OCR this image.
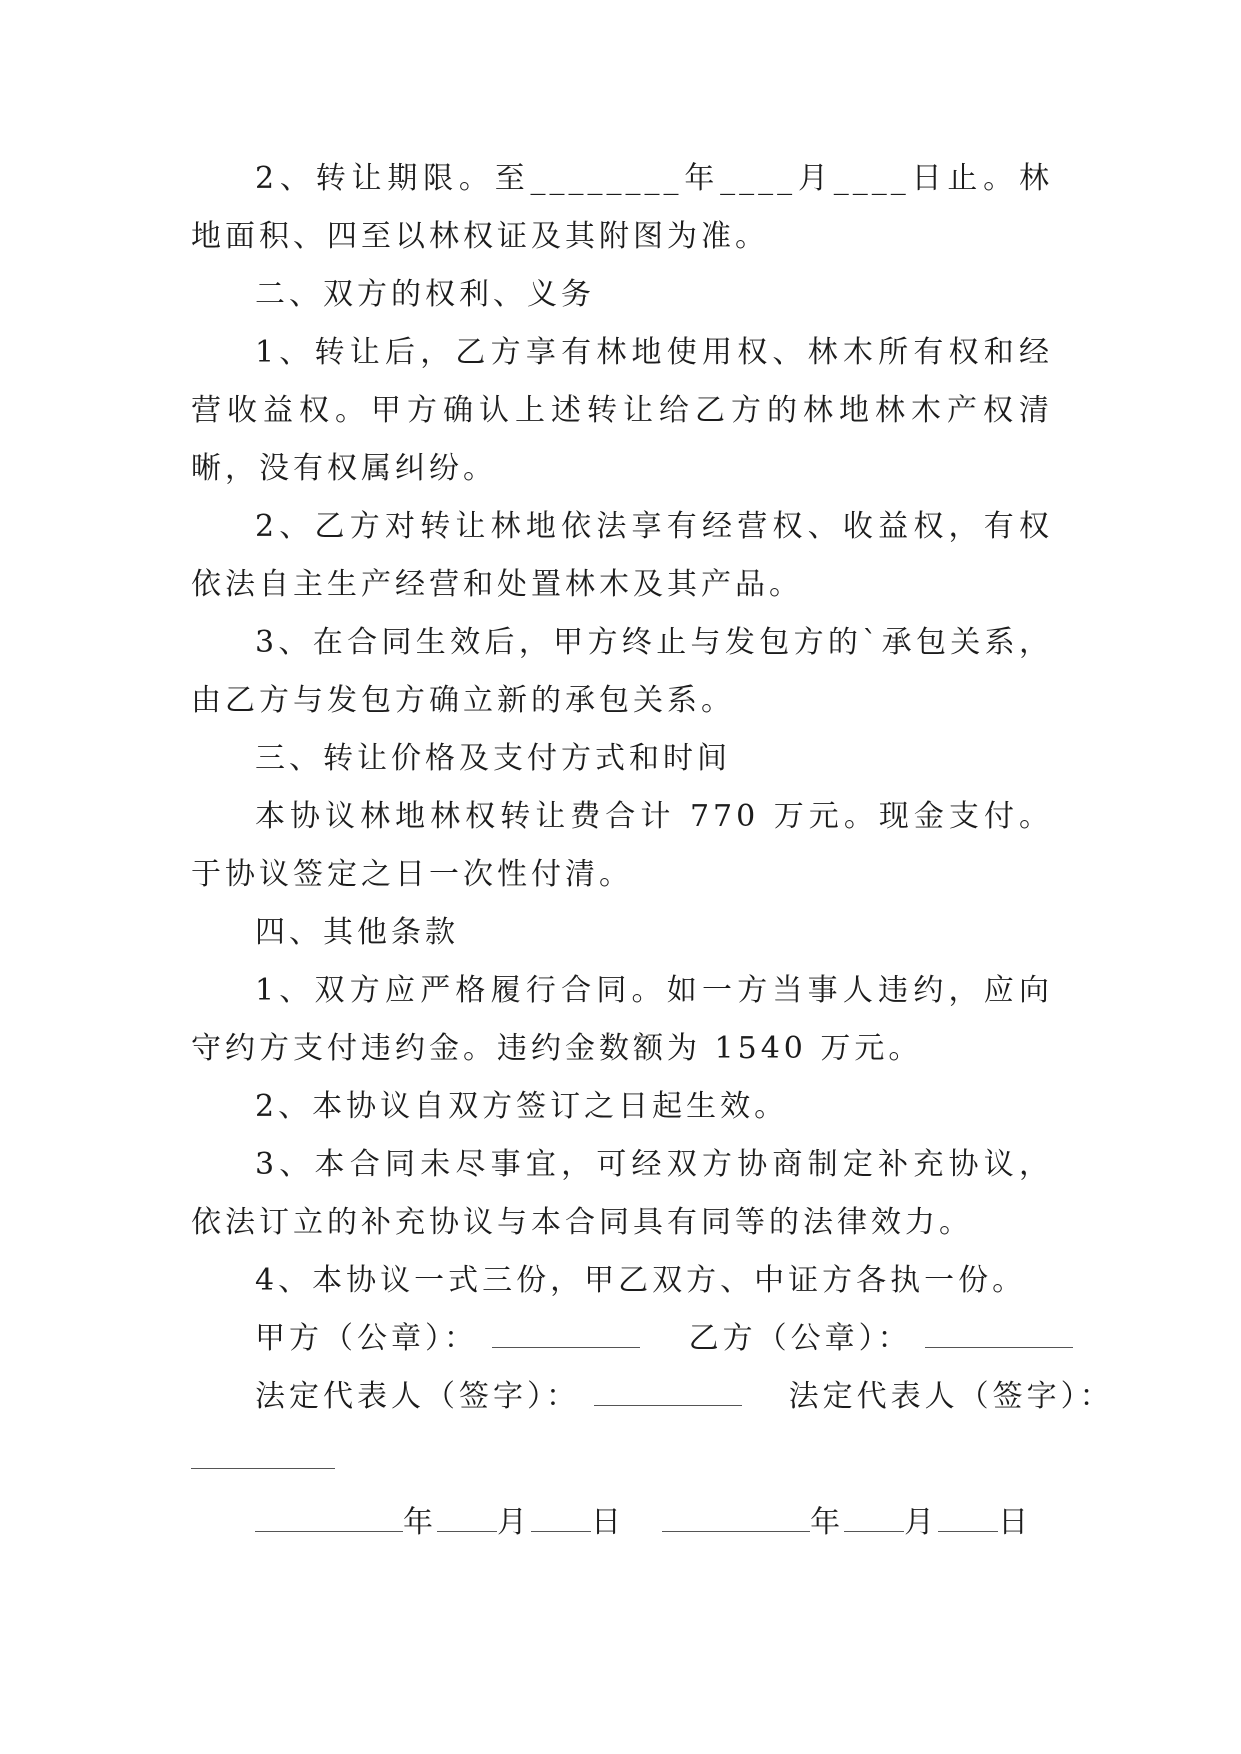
2、转让期限。至________年____月____日止。林地面积、四至以林权证及其附图为准。

二、双方的权利、义务

1、转让后，乙方享有林地使用权、林木所有权和经营收益权。甲方确认上述转让给乙方的林地林木产权清晰，没有权属纠纷。

2、乙方对转让林地依法享有经营权、收益权，有权依法自主生产经营和处置林木及其产品。

3、在合同生效后，甲方终止与发包方的`承包关系，由乙方与发包方确立新的承包关系。

三、转让价格及支付方式和时间

本协议林地林权转让费合计 770 万元。现金支付。于协议签定之日一次性付清。

四、其他条款

1、双方应严格履行合同。如一方当事人违约，应向守约方支付违约金。违约金数额为 1540 万元。

2、本协议自双方签订之日起生效。

3、本合同未尽事宜，可经双方协商制定补充协议，依法订立的补充协议与本合同具有同等的法律效力。

4、本协议一式三份，甲乙双方、中证方各执一份。

甲方（公章）：	乙方（公章）：
法定代表人（签字）：	法定代表人（签字）：
年 月 日	年 月 日
